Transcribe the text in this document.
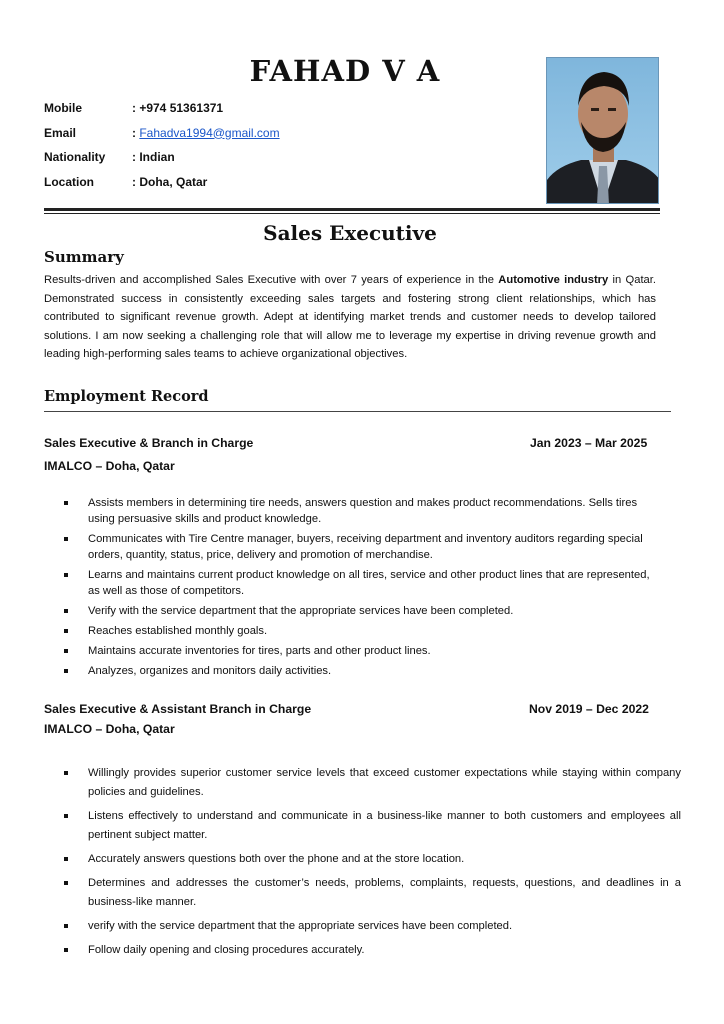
FAHAD V A
Mobile	: +974 51361371
Email	: Fahadva1994@gmail.com
Nationality	: Indian
Location	: Doha, Qatar
Sales Executive
Summary

Results-driven and accomplished Sales Executive with over 7 years of experience in the Automotive industry in Qatar. Demonstrated success in consistently exceeding sales targets and fostering strong client relationships, which has contributed to significant revenue growth. Adept at identifying market trends and customer needs to develop tailored solutions. I am now seeking a challenging role that will allow me to leverage my expertise in driving revenue growth and leading high-performing sales teams to achieve organizational objectives.

Employment Record
Sales Executive & Branch in Charge	Jan 2023 – Mar 2025
IMALCO – Doha, Qatar
Assists members in determining tire needs, answers question and makes product recommendations. Sells tires using persuasive skills and product knowledge.
Communicates with Tire Centre manager, buyers, receiving department and inventory auditors regarding special orders, quantity, status, price, delivery and promotion of merchandise.
Learns and maintains current product knowledge on all tires, service and other product lines that are represented, as well as those of competitors.
Verify with the service department that the appropriate services have been completed.
Reaches established monthly goals.
Maintains accurate inventories for tires, parts and other product lines.
Analyzes, organizes and monitors daily activities.
Sales Executive & Assistant Branch in Charge	Nov 2019 – Dec 2022
IMALCO – Doha, Qatar
Willingly provides superior customer service levels that exceed customer expectations while staying within company policies and guidelines.
Listens effectively to understand and communicate in a business-like manner to both customers and employees all pertinent subject matter.
Accurately answers questions both over the phone and at the store location.
Determines and addresses the customer’s needs, problems, complaints, requests, questions, and deadlines in a business-like manner.
verify with the service department that the appropriate services have been completed.
Follow daily opening and closing procedures accurately.
